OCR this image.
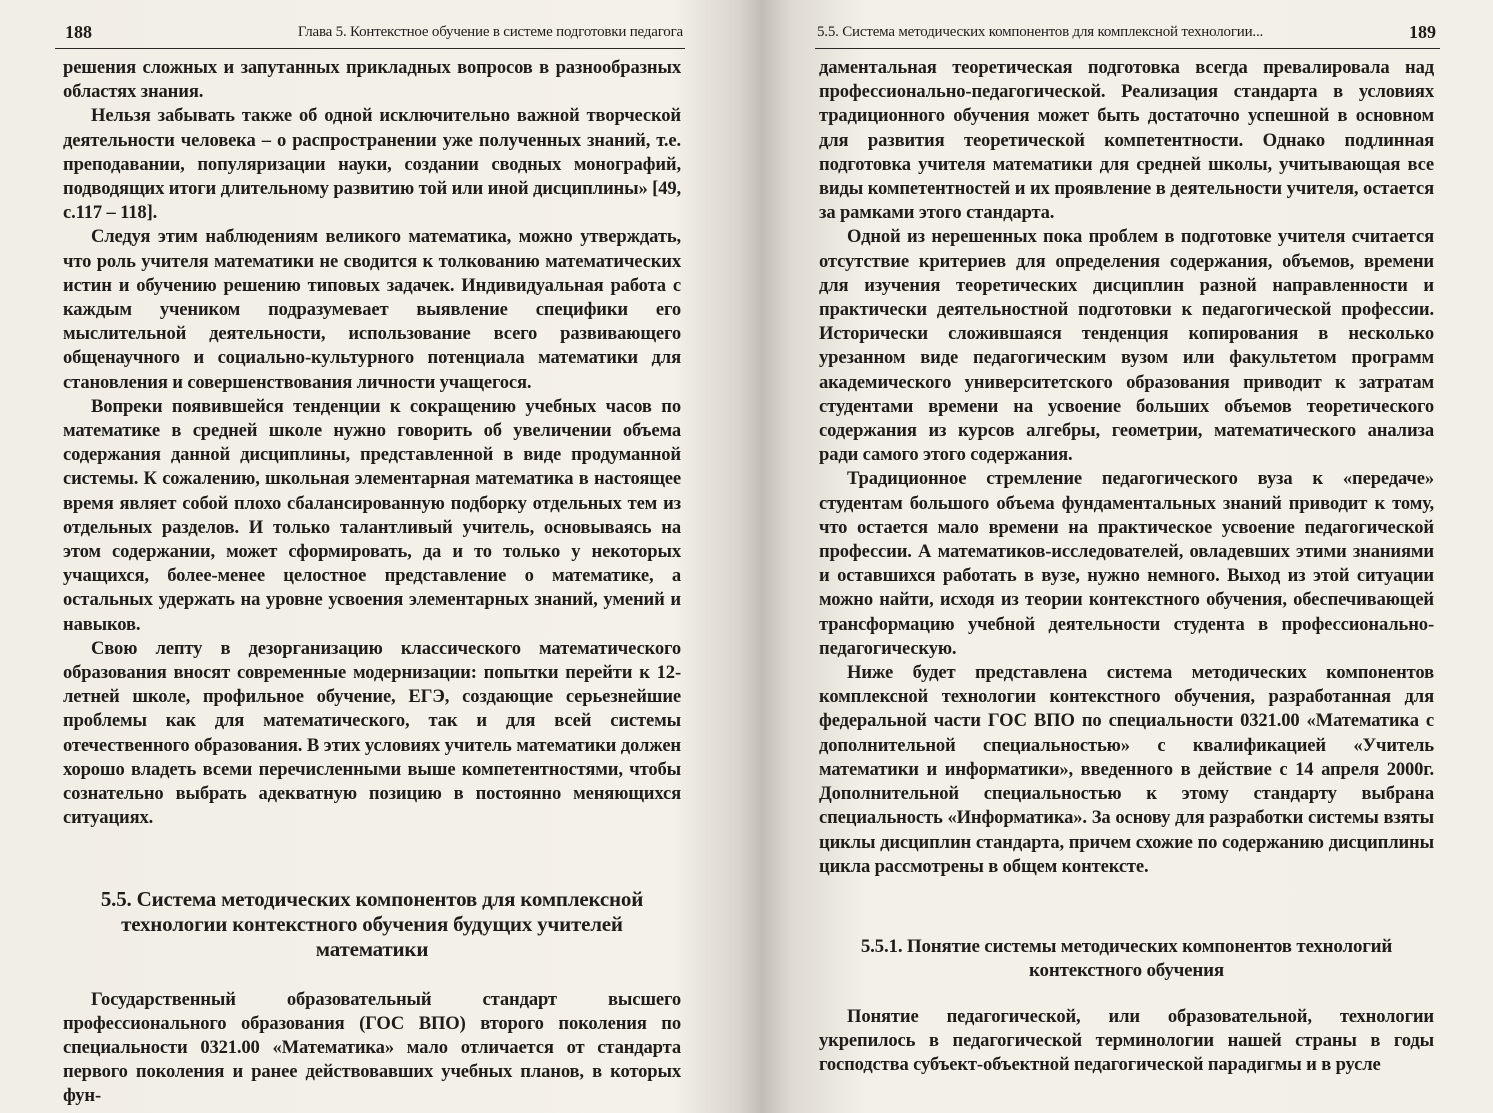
188	Глава 5. Контекстное обучение в системе подготовки педагога

решения сложных и запутанных прикладных вопросов в разнообразных областях знания.

Нельзя забывать также об одной исключительно важной творческой деятельности человека – о распространении уже полученных знаний, т.е. преподавании, популяризации науки, создании сводных монографий, подводящих итоги длительному развитию той или иной дисциплины» [49, с.117 – 118].

Следуя этим наблюдениям великого математика, можно утверждать, что роль учителя математики не сводится к толкованию математических истин и обучению решению типовых задачек. Индивидуальная работа с каждым учеником подразумевает выявление специфики его мыслительной деятельности, использование всего развивающего общенаучного и социально-культурного потенциала математики для становления и совершенствования личности учащегося.

Вопреки появившейся тенденции к сокращению учебных часов по математике в средней школе нужно говорить об увеличении объема содержания данной дисциплины, представленной в виде продуманной системы. К сожалению, школьная элементарная математика в настоящее время являет собой плохо сбалансированную подборку отдельных тем из отдельных разделов. И только талантливый учитель, основываясь на этом содержании, может сформировать, да и то только у некоторых учащихся, более-менее целостное представление о математике, а остальных удержать на уровне усвоения элементарных знаний, умений и навыков.

Свою лепту в дезорганизацию классического математического образования вносят современные модернизации: попытки перейти к 12-летней школе, профильное обучение, ЕГЭ, создающие серьезнейшие проблемы как для математического, так и для всей системы отечественного образования. В этих условиях учитель математики должен хорошо владеть всеми перечисленными выше компетентностями, чтобы сознательно выбрать адекватную позицию в постоянно меняющихся ситуациях.

5.5. Система методических компонентов для комплексной технологии контекстного обучения будущих учителей математики

Государственный образовательный стандарт высшего профессионального образования (ГОС ВПО) второго поколения по специальности 0321.00 «Математика» мало отличается от стандарта первого поколения и ранее действовавших учебных планов, в которых фун-

5.5. Система методических компонентов для комплексной технологии...	189

даментальная теоретическая подготовка всегда превалировала над профессионально-педагогической. Реализация стандарта в условиях традиционного обучения может быть достаточно успешной в основном для развития теоретической компетентности. Однако подлинная подготовка учителя математики для средней школы, учитывающая все виды компетентностей и их проявление в деятельности учителя, остается за рамками этого стандарта.

Одной из нерешенных пока проблем в подготовке учителя считается отсутствие критериев для определения содержания, объемов, времени для изучения теоретических дисциплин разной направленности и практически деятельностной подготовки к педагогической профессии. Исторически сложившаяся тенденция копирования в несколько урезанном виде педагогическим вузом или факультетом программ академического университетского образования приводит к затратам студентами времени на усвоение больших объемов теоретического содержания из курсов алгебры, геометрии, математического анализа ради самого этого содержания.

Традиционное стремление педагогического вуза к «передаче» студентам большого объема фундаментальных знаний приводит к тому, что остается мало времени на практическое усвоение педагогической профессии. А математиков-исследователей, овладевших этими знаниями и оставшихся работать в вузе, нужно немного. Выход из этой ситуации можно найти, исходя из теории контекстного обучения, обеспечивающей трансформацию учебной деятельности студента в профессионально-педагогическую.

Ниже будет представлена система методических компонентов комплексной технологии контекстного обучения, разработанная для федеральной части ГОС ВПО по специальности 0321.00 «Математика с дополнительной специальностью» с квалификацией «Учитель математики и информатики», введенного в действие с 14 апреля 2000г. Дополнительной специальностью к этому стандарту выбрана специальность «Информатика». За основу для разработки системы взяты циклы дисциплин стандарта, причем схожие по содержанию дисциплины цикла рассмотрены в общем контексте.

5.5.1. Понятие системы методических компонентов технологий контекстного обучения

Понятие педагогической, или образовательной, технологии укрепилось в педагогической терминологии нашей страны в годы господства субъект-объектной педагогической парадигмы и в русле
